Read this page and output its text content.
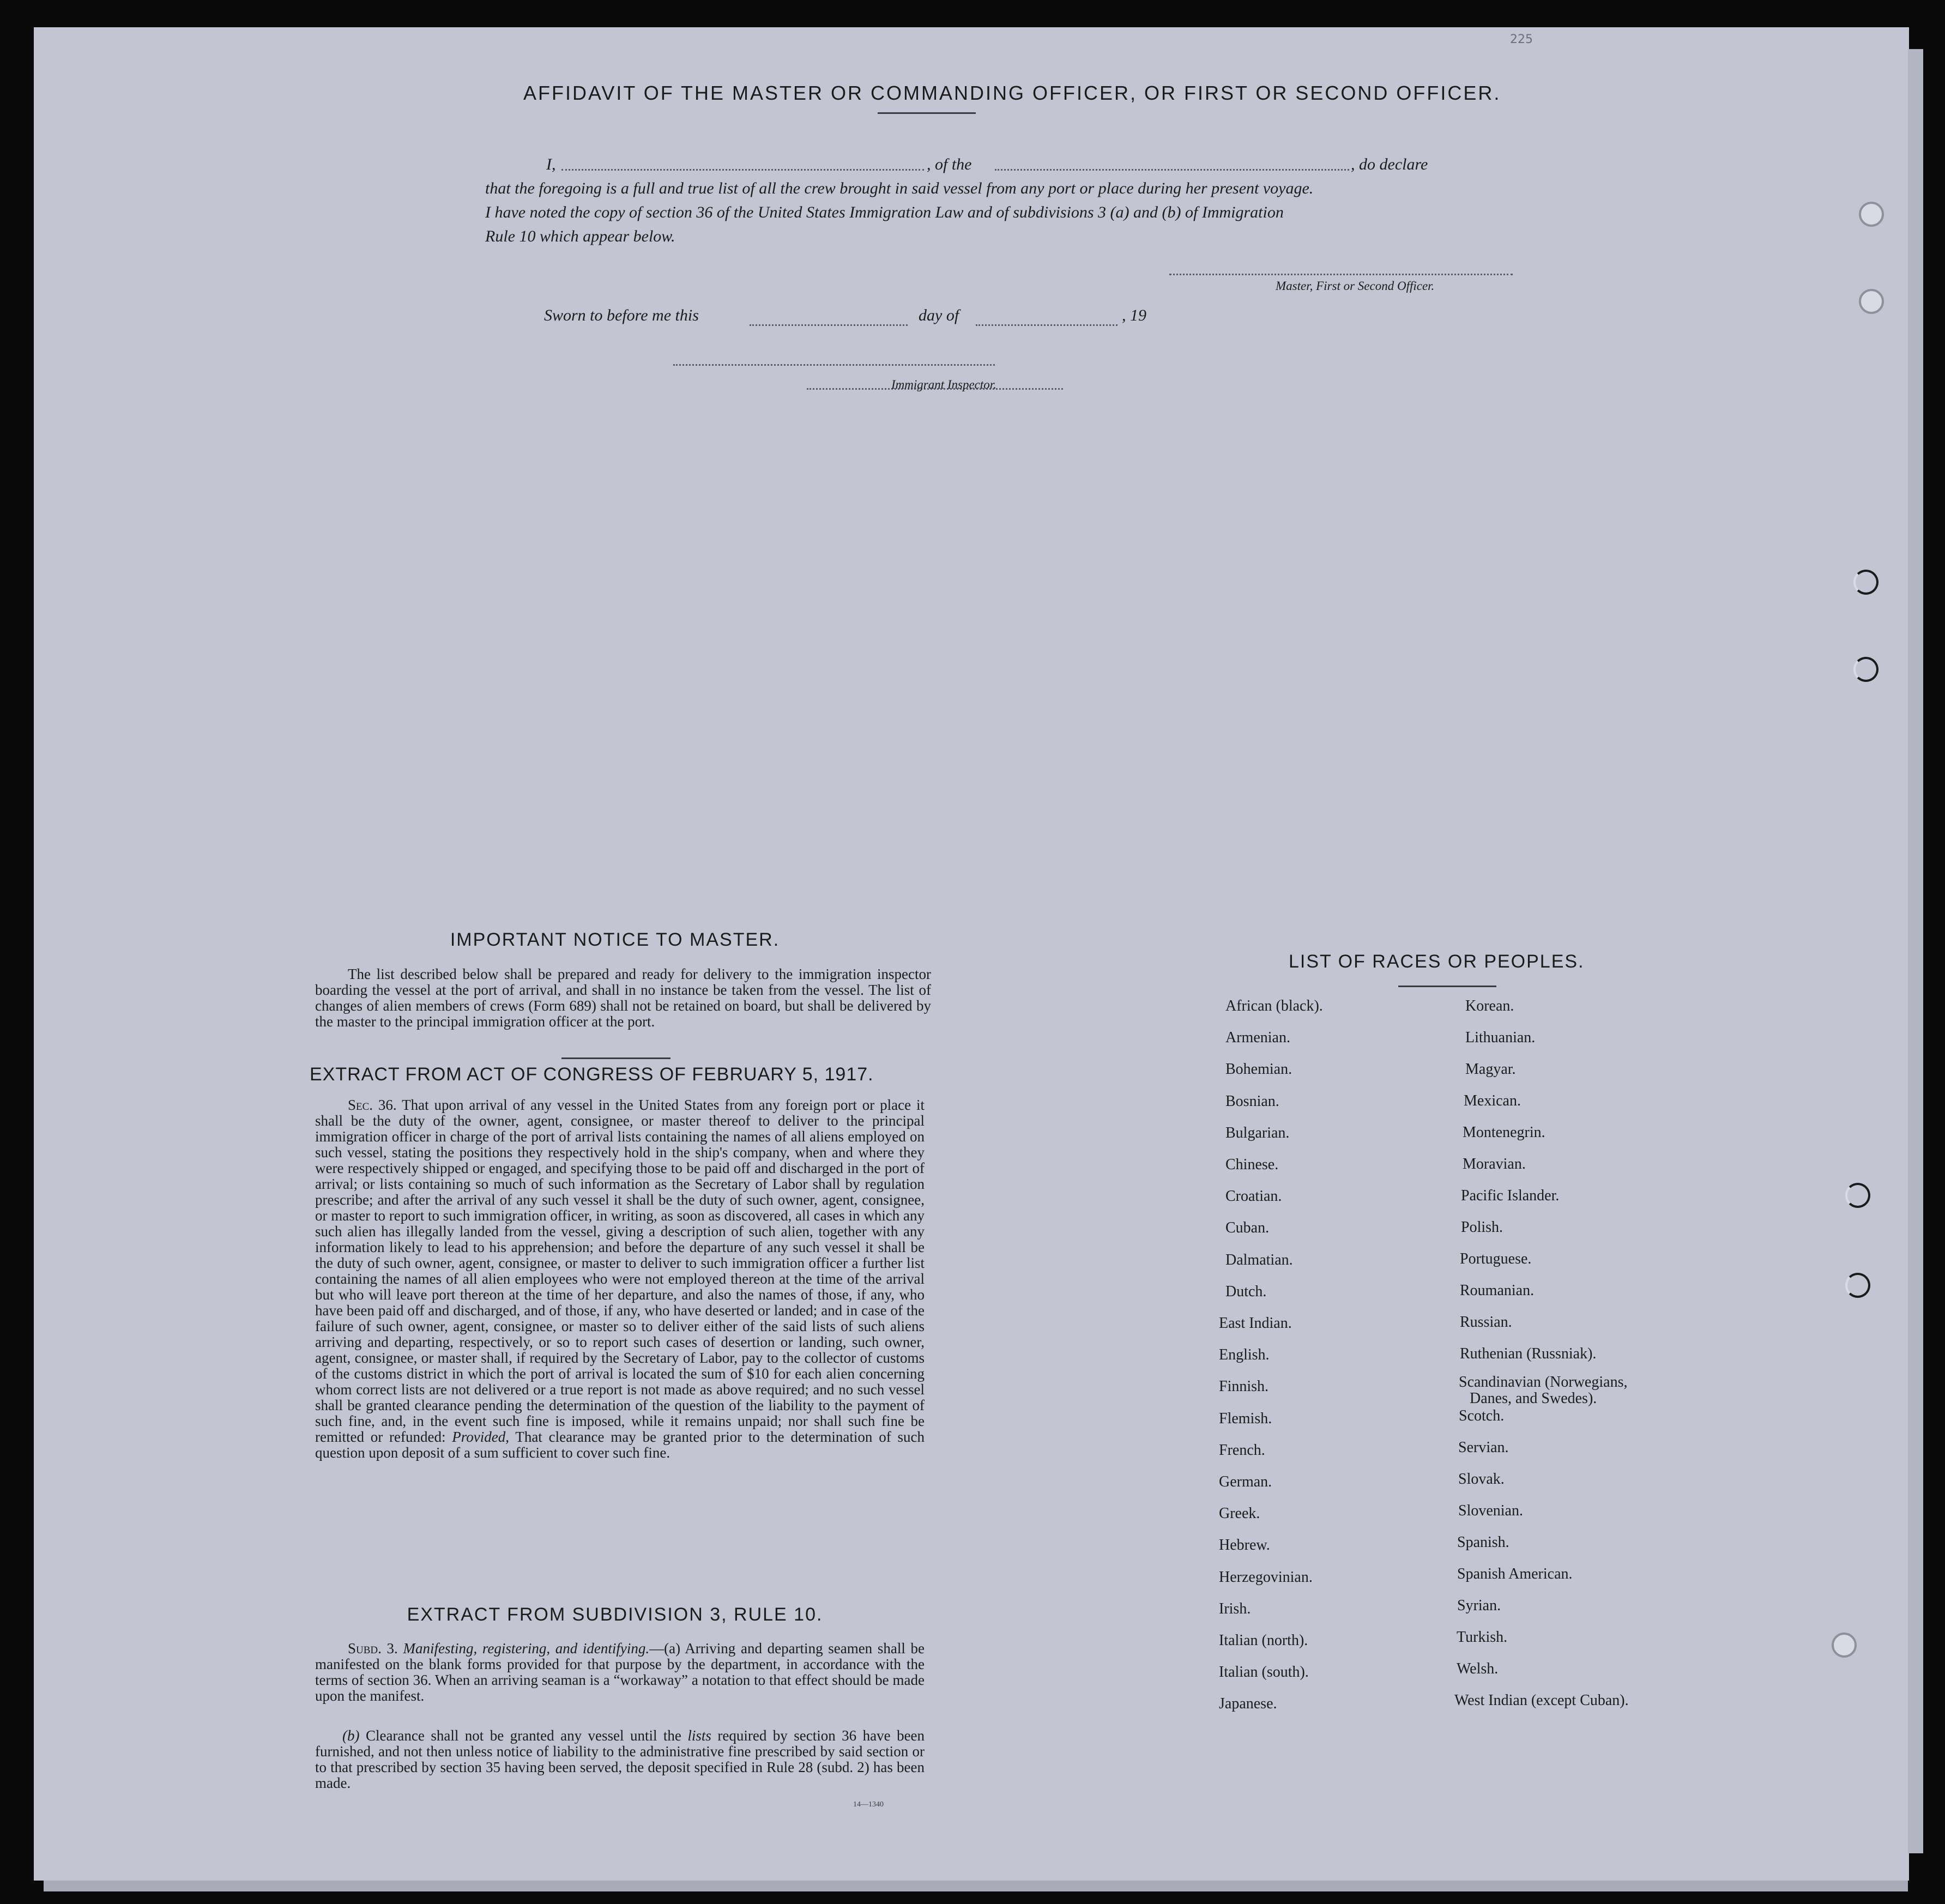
225
AFFIDAVIT OF THE MASTER OR COMMANDING OFFICER, OR FIRST OR SECOND OFFICER.
I,	, of the	, do declare
that the foregoing is a full and true list of all the crew brought in said vessel from any port or place during her present voyage.
I have noted the copy of section 36 of the United States Immigration Law and of subdivisions 3 (a) and (b) of Immigration
Rule 10 which appear below.
Master, First or Second Officer.
Sworn to before me this	day of	, 19
Immigrant Inspector.
IMPORTANT NOTICE TO MASTER.
The list described below shall be prepared and ready for delivery to the immigration inspector boarding the vessel at the port of arrival, and shall in no instance be taken from the vessel. The list of changes of alien members of crews (Form 689) shall not be retained on board, but shall be delivered by the master to the principal immigration officer at the port.
EXTRACT FROM ACT OF CONGRESS OF FEBRUARY 5, 1917.
Sec. 36. That upon arrival of any vessel in the United States from any foreign port or place it shall be the duty of the owner, agent, consignee, or master thereof to deliver to the principal immigration officer in charge of the port of arrival lists containing the names of all aliens employed on such vessel, stating the positions they respectively hold in the ship's company, when and where they were respectively shipped or engaged, and specifying those to be paid off and discharged in the port of arrival; or lists containing so much of such information as the Secretary of Labor shall by regulation prescribe; and after the arrival of any such vessel it shall be the duty of such owner, agent, consignee, or master to report to such immigration officer, in writing, as soon as discovered, all cases in which any such alien has illegally landed from the vessel, giving a description of such alien, together with any information likely to lead to his apprehension; and before the departure of any such vessel it shall be the duty of such owner, agent, consignee, or master to deliver to such immigration officer a further list containing the names of all alien employees who were not employed thereon at the time of the arrival but who will leave port thereon at the time of her departure, and also the names of those, if any, who have been paid off and discharged, and of those, if any, who have deserted or landed; and in case of the failure of such owner, agent, consignee, or master so to deliver either of the said lists of such aliens arriving and departing, respectively, or so to report such cases of desertion or landing, such owner, agent, consignee, or master shall, if required by the Secretary of Labor, pay to the collector of customs of the customs district in which the port of arrival is located the sum of $10 for each alien concerning whom correct lists are not delivered or a true report is not made as above required; and no such vessel shall be granted clearance pending the determination of the question of the liability to the payment of such fine, and, in the event such fine is imposed, while it remains unpaid; nor shall such fine be remitted or refunded: Provided, That clearance may be granted prior to the determination of such question upon deposit of a sum sufficient to cover such fine.
EXTRACT FROM SUBDIVISION 3, RULE 10.
Subd. 3. Manifesting, registering, and identifying.—(a) Arriving and departing seamen shall be manifested on the blank forms provided for that purpose by the department, in accordance with the terms of section 36. When an arriving seaman is a “workaway” a notation to that effect should be made upon the manifest.
(b) Clearance shall not be granted any vessel until the lists required by section 36 have been furnished, and not then unless notice of liability to the administrative fine prescribed by said section or to that prescribed by section 35 having been served, the deposit specified in Rule 28 (subd. 2) has been made.
14—1340
LIST OF RACES OR PEOPLES.
African (black).
Armenian.
Bohemian.
Bosnian.
Bulgarian.
Chinese.
Croatian.
Cuban.
Dalmatian.
Dutch.
East Indian.
English.
Finnish.
Flemish.
French.
German.
Greek.
Hebrew.
Herzegovinian.
Irish.
Italian (north).
Italian (south).
Japanese.
Korean.
Lithuanian.
Magyar.
Mexican.
Montenegrin.
Moravian.
Pacific Islander.
Polish.
Portuguese.
Roumanian.
Russian.
Ruthenian (Russniak).
Scandinavian (Norwegians,
Danes, and Swedes).
Scotch.
Servian.
Slovak.
Slovenian.
Spanish.
Spanish American.
Syrian.
Turkish.
Welsh.
West Indian (except Cuban).
